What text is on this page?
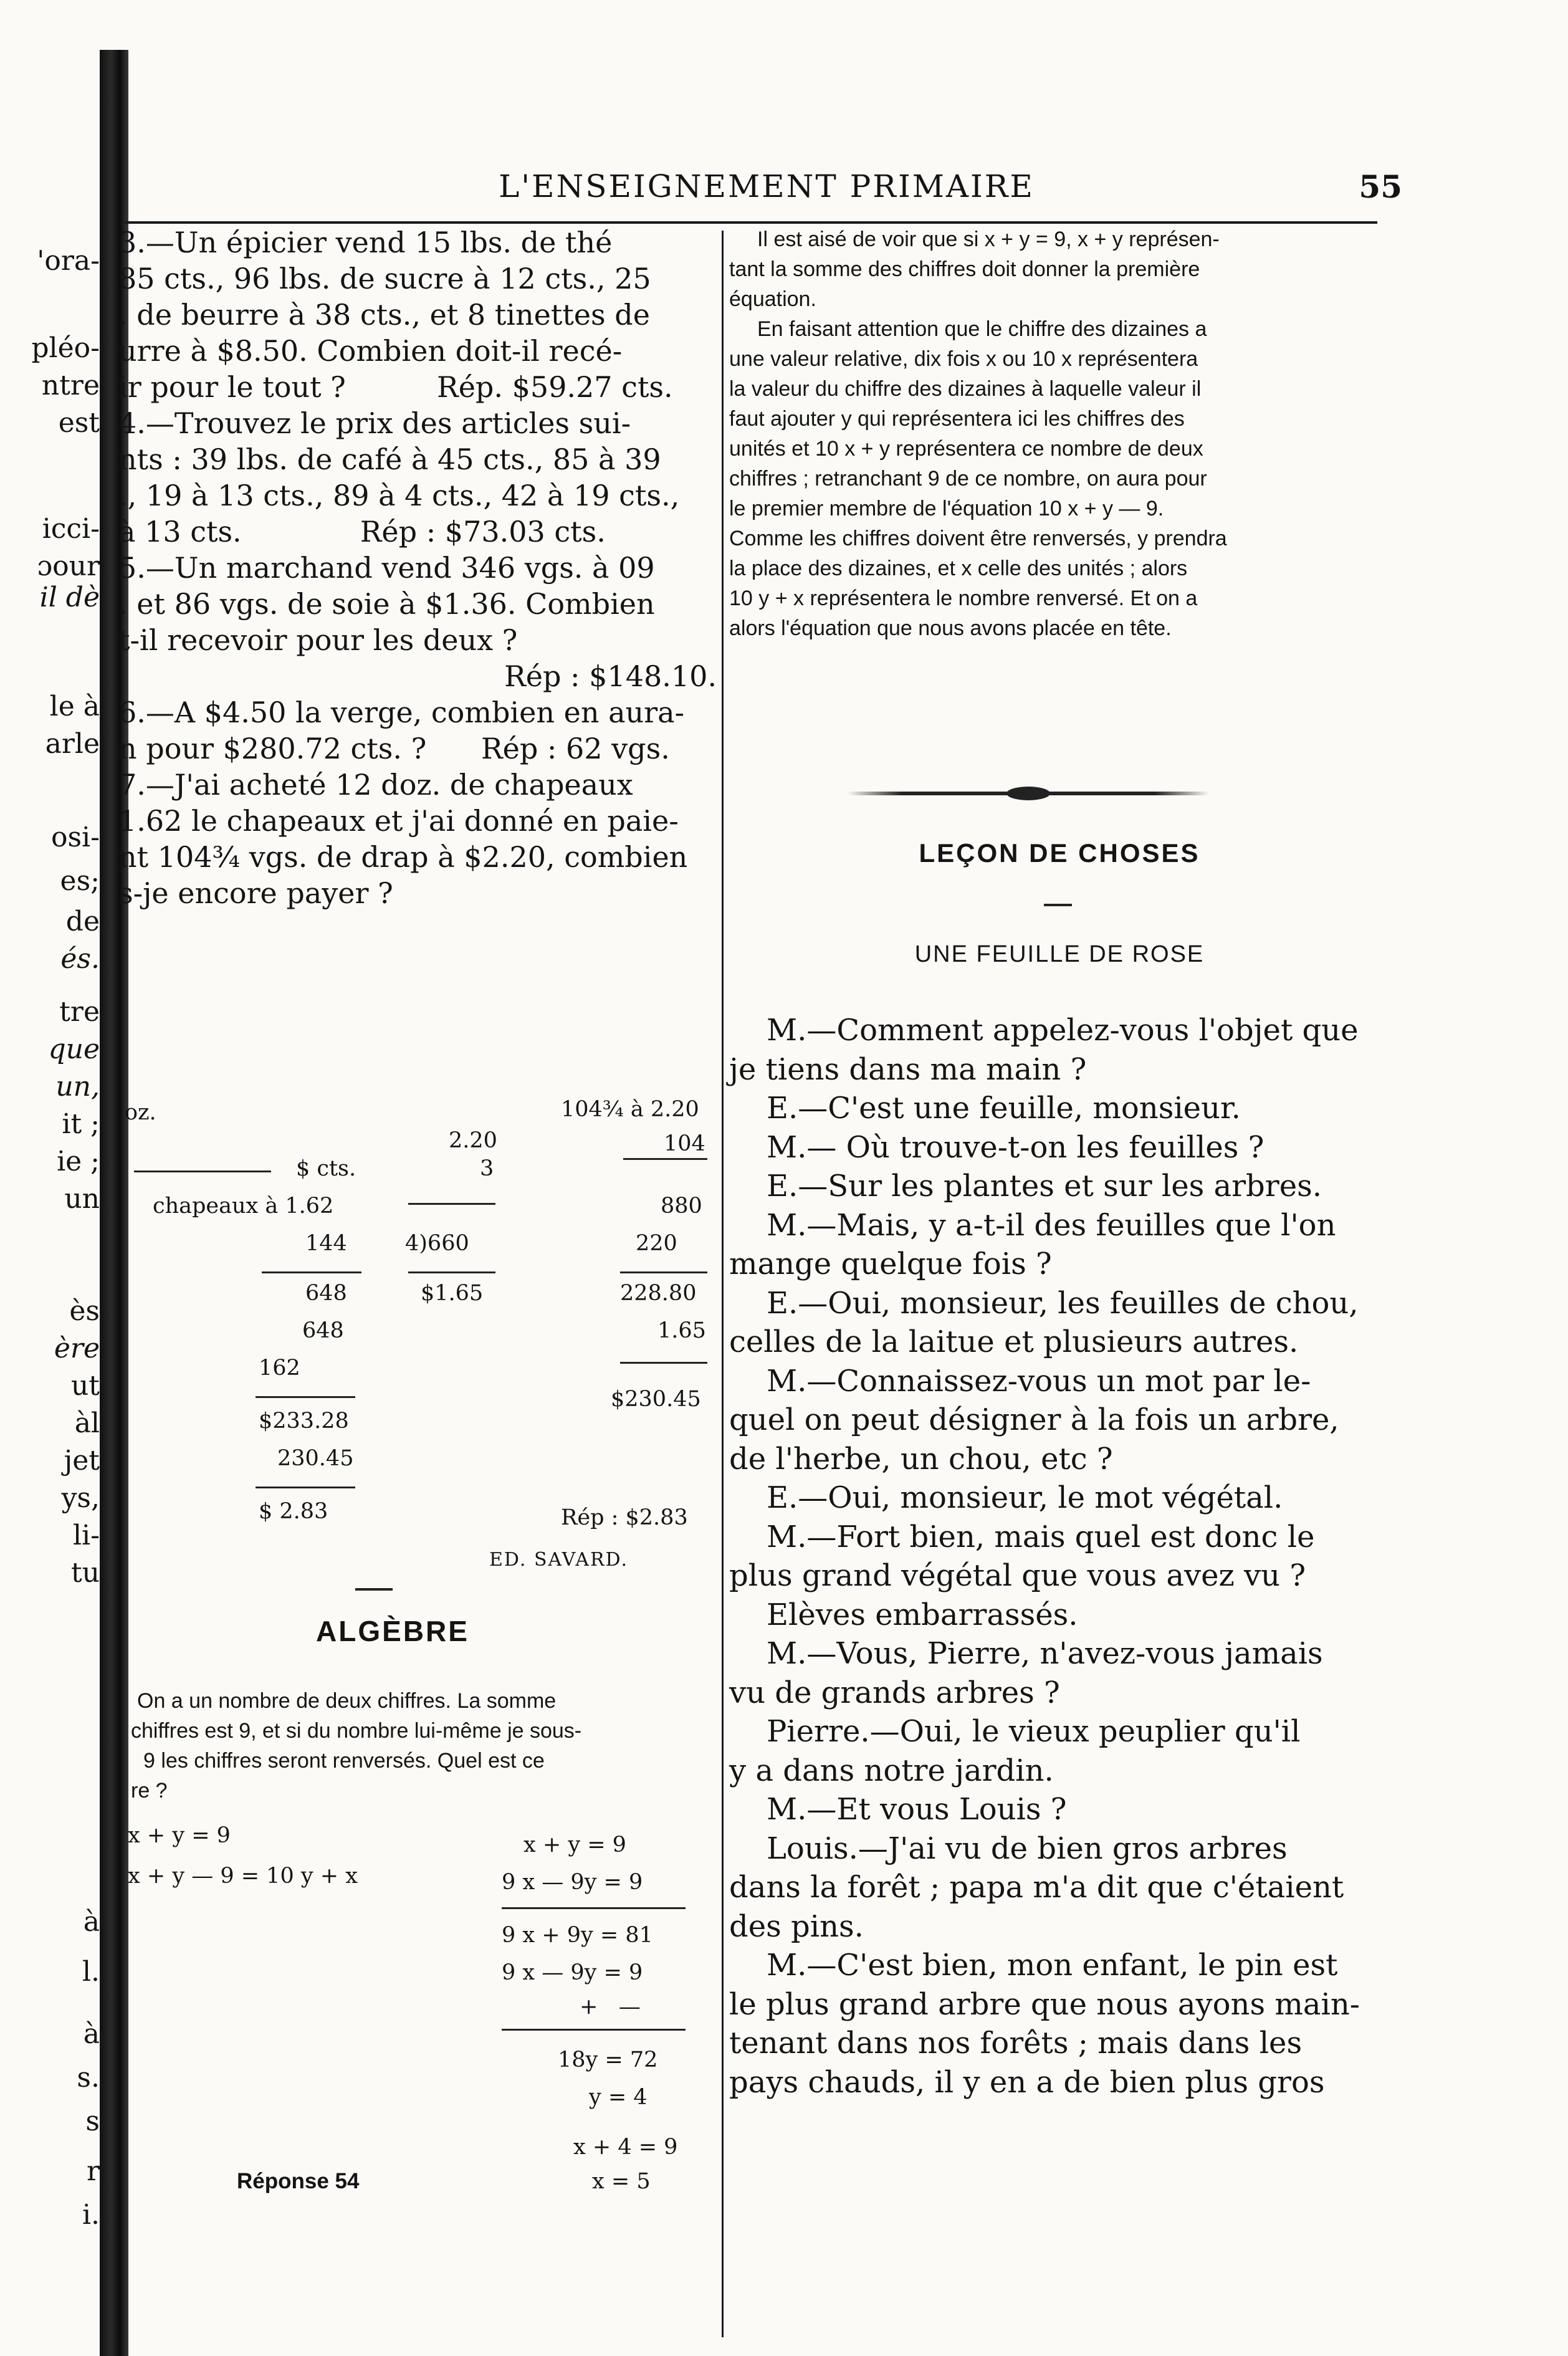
'ora-
pléo-
ntre
est
icci-
ɔour
il dè
le à
arle
osi-
es;
de
és.
tre
que
un,
it ;
ie ;
un
ès
ère
ut
àl
jet
ys,
li-
tu
à
l.
à
s.
s
r
i.
L'ENSEIGNEMENT PRIMAIRE	55

3.—Un épicier vend 15 lbs. de thé

85 cts., 96 lbs. de sucre à 12 cts., 25

. de beurre à 38 cts., et 8 tinettes de

urre à $8.50. Combien doit-il recé-

ir pour le tout ?          Rép. $59.27 cts.

4.—Trouvez le prix des articles sui-

nts : 39 lbs. de café à 45 cts., 85 à 39

., 19 à 13 cts., 89 à 4 cts., 42 à 19 cts.,

à 13 cts.             Rép : $73.03 cts.

5.—Un marchand vend 346 vgs. à 09

. et 86 vgs. de soie à $1.36. Combien

t-il recevoir pour les deux ?

Rép : $148.10.

6.—A $4.50 la verge, combien en aura-

n pour $280.72 cts. ?      Rép : 62 vgs.

7.—J'ai acheté 12 doz. de chapeaux

1.62 le chapeaux et j'ai donné en paie-

nt 104¾ vgs. de drap à $2.20, combien

s-je encore payer ?

oz.
$ cts.
chapeaux à 1.62
144
648
648
162
$233.28
230.45
$ 2.83
2.20
3
4)660
$1.65
104¾ à 2.20
104
880
220
228.80
1.65
$230.45
Rép : $2.83
ED. SAVARD.
ALGÈBRE

On a un nombre de deux chiffres. La somme

chiffres est 9, et si du nombre lui-même je sous-

9 les chiffres seront renversés. Quel est ce

re ?

x + y = 9
x + y — 9 = 10 y + x
x + y = 9
9 x — 9y = 9
9 x + 9y = 81
9 x — 9y = 9
+   —
18y = 72
y = 4
x + 4 = 9
x = 5
Réponse 54

Il est aisé de voir que si x + y = 9, x + y représen-

tant la somme des chiffres doit donner la première

équation.

En faisant attention que le chiffre des dizaines a

une valeur relative, dix fois x ou 10 x représentera

la valeur du chiffre des dizaines à laquelle valeur il

faut ajouter y qui représentera ici les chiffres des

unités et 10 x + y représentera ce nombre de deux

chiffres ; retranchant 9 de ce nombre, on aura pour

le premier membre de l'équation 10 x + y — 9.

Comme les chiffres doivent être renversés, y prendra

la place des dizaines, et x celle des unités ; alors

10 y + x représentera le nombre renversé. Et on a

alors l'équation que nous avons placée en tête.

LEÇON DE CHOSES
UNE FEUILLE DE ROSE

M.—Comment appelez-vous l'objet que

je tiens dans ma main ?

E.—C'est une feuille, monsieur.

M.— Où trouve-t-on les feuilles ?

E.—Sur les plantes et sur les arbres.

M.—Mais, y a-t-il des feuilles que l'on

mange quelque fois ?

E.—Oui, monsieur, les feuilles de chou,

celles de la laitue et plusieurs autres.

M.—Connaissez-vous un mot par le-

quel on peut désigner à la fois un arbre,

de l'herbe, un chou, etc ?

E.—Oui, monsieur, le mot végétal.

M.—Fort bien, mais quel est donc le

plus grand végétal que vous avez vu ?

Elèves embarrassés.

M.—Vous, Pierre, n'avez-vous jamais

vu de grands arbres ?

Pierre.—Oui, le vieux peuplier qu'il

y a dans notre jardin.

M.—Et vous Louis ?

Louis.—J'ai vu de bien gros arbres

dans la forêt ; papa m'a dit que c'étaient

des pins.

M.—C'est bien, mon enfant, le pin est

le plus grand arbre que nous ayons main-

tenant dans nos forêts ; mais dans les

pays chauds, il y en a de bien plus gros
